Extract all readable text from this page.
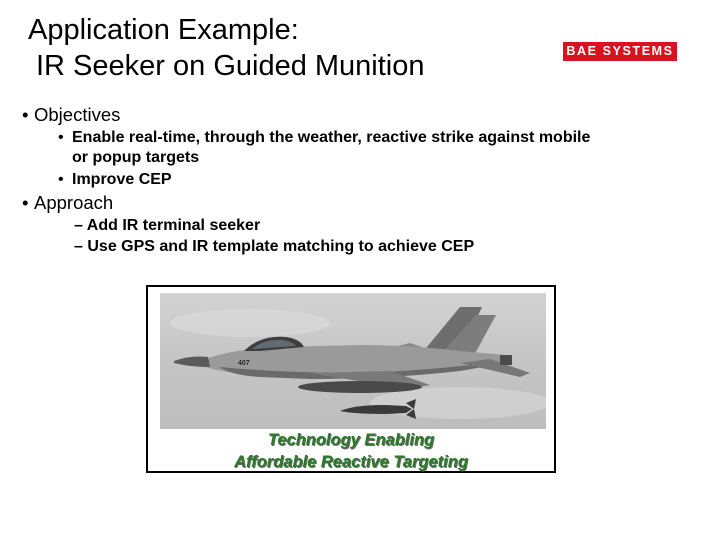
Application Example:
IR Seeker on Guided Munition	BAE SYSTEMS
• Objectives
• Enable real-time, through the weather, reactive strike against mobile
or popup targets
• Improve CEP
• Approach
– Add IR terminal seeker
– Use GPS and IR template matching to achieve CEP
407
Technology Enabling
Affordable Reactive Targeting
